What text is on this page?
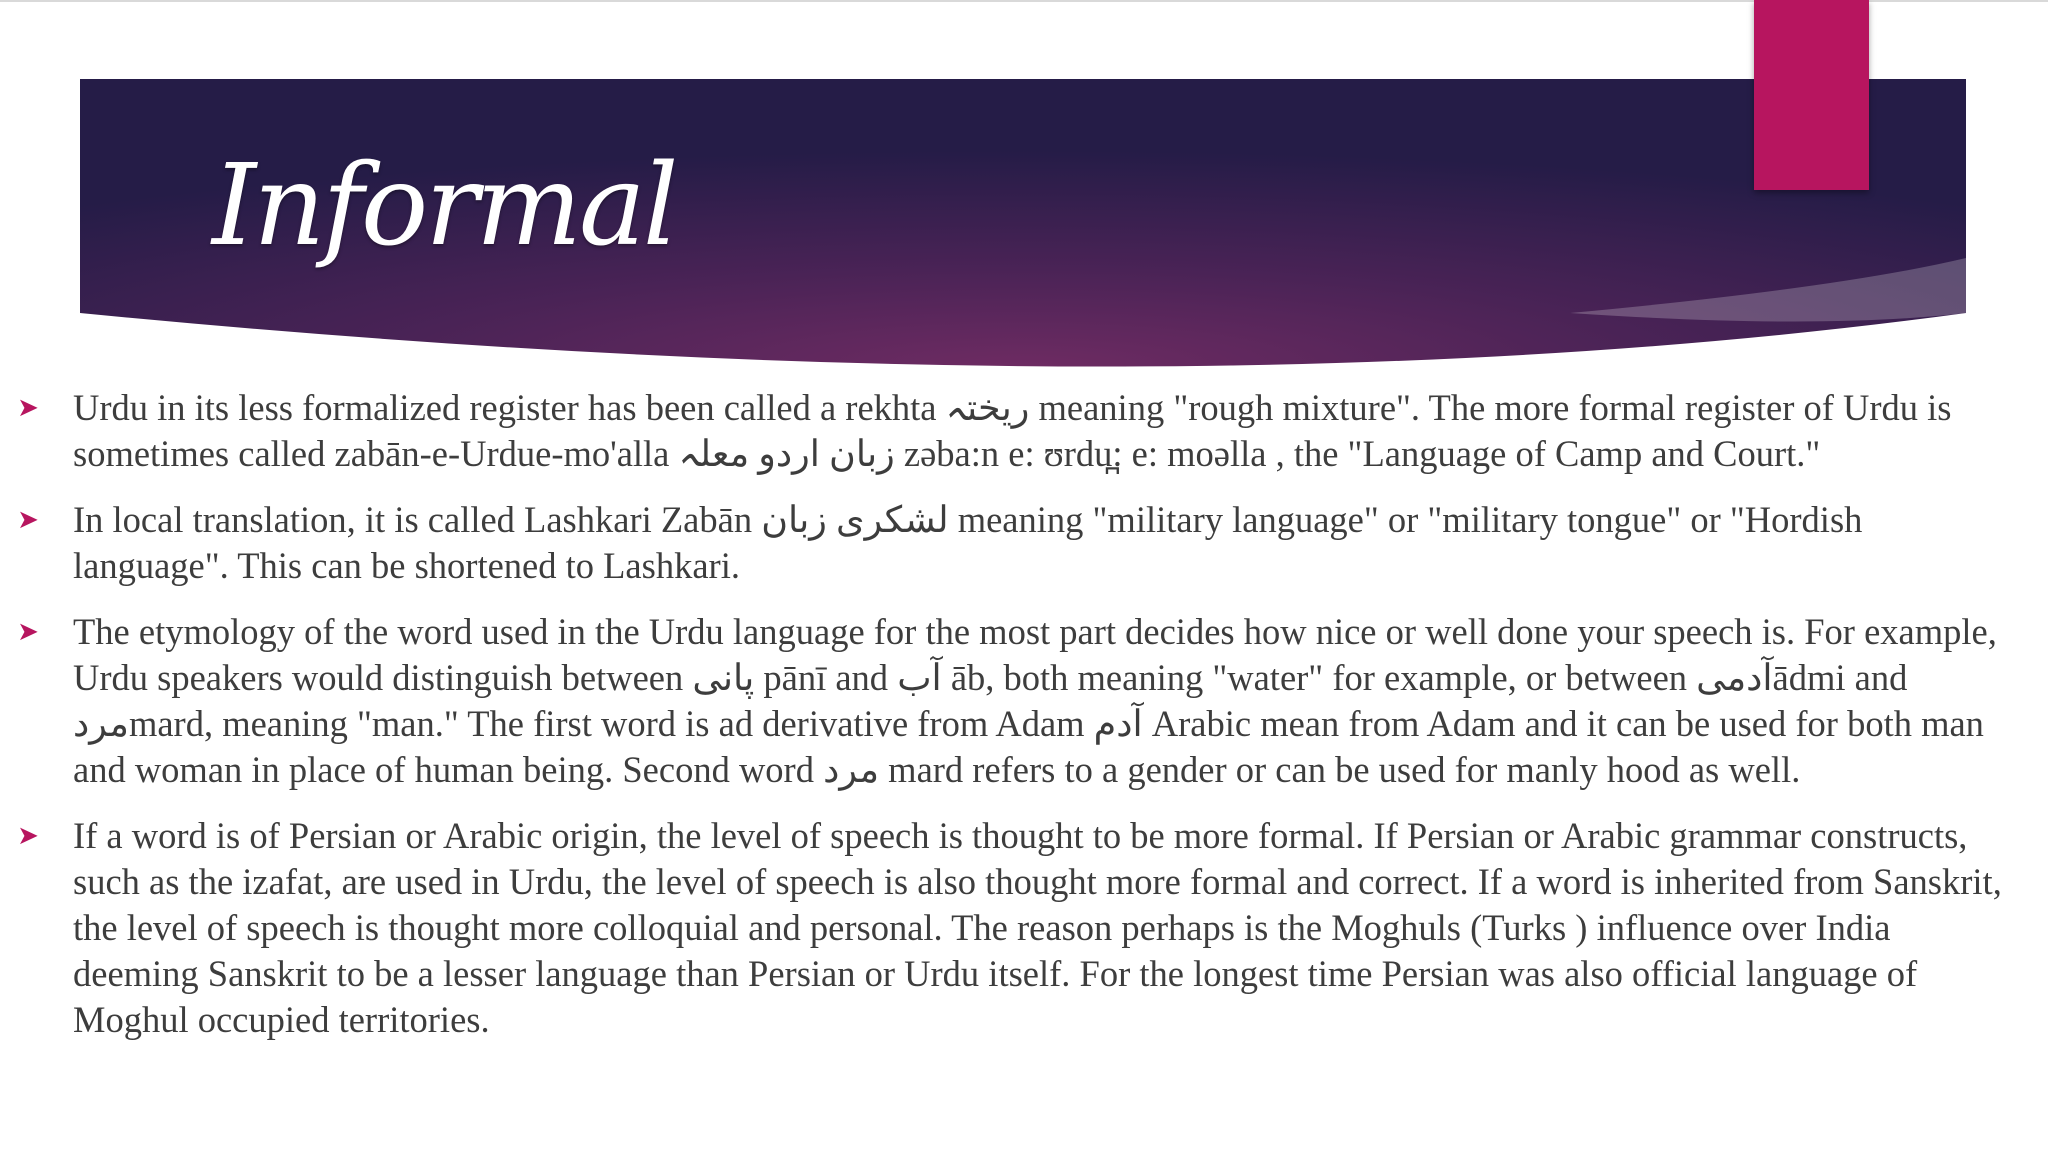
Informal
➤ Urdu in its less formalized register has been called a rekhta ریختہ meaning "rough mixture". The more formal register of Urdu is sometimes called zabān-e-Urdue-mo'alla زبان اردو معلہ zəba:n e: ʊrdu̪: e: moəlla , the "Language of Camp and Court."

➤ In local translation, it is called Lashkari Zabān لشکری زبان meaning "military language" or "military tongue" or "Hordish language". This can be shortened to Lashkari.

➤ The etymology of the word used in the Urdu language for the most part decides how nice or well done your speech is. For example, Urdu speakers would distinguish between پانی pānī and آب āb, both meaning "water" for example, or between آدمیādmi and مردmard, meaning "man." The first word is ad derivative from Adam آدم Arabic mean from Adam and it can be used for both man and woman in place of human being. Second word مرد mard refers to a gender or can be used for manly hood as well.

➤ If a word is of Persian or Arabic origin, the level of speech is thought to be more formal. If Persian or Arabic grammar constructs, such as the izafat, are used in Urdu, the level of speech is also thought more formal and correct. If a word is inherited from Sanskrit, the level of speech is thought more colloquial and personal. The reason perhaps is the Moghuls (Turks ) influence over India deeming Sanskrit to be a lesser language than Persian or Urdu itself. For the longest time Persian was also official language of Moghul occupied territories.
